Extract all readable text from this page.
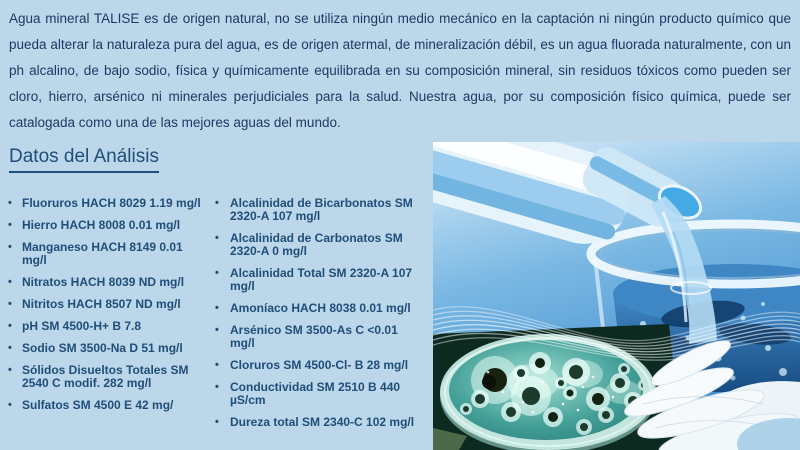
Agua mineral TALISE es de origen natural, no se utiliza ningún medio mecánico en la captación ni ningún producto químico que pueda alterar la naturaleza pura del agua, es de origen atermal, de mineralización débil, es un agua fluorada naturalmente, con un ph alcalino, de bajo sodio, física y químicamente equilibrada en su composición mineral, sin residuos tóxicos como pueden ser cloro, hierro, arsénico ni minerales perjudiciales para la salud. Nuestra agua, por su composición físico química, puede ser catalogada como una de las mejores aguas del mundo.

Datos del Análisis
• Fluoruros HACH 8029 1.19 mg/l
• Hierro HACH 8008 0.01 mg/l
• Manganeso HACH 8149 0.01 mg/l
• Nitratos HACH 8039 ND mg/l
• Nitritos HACH 8507 ND mg/l
• pH SM 4500-H+ B 7.8
• Sodio SM 3500-Na D 51 mg/l
• Sólidos Disueltos Totales SM 2540 C modif. 282 mg/l
• Sulfatos SM 4500 E 42 mg/
• Alcalinidad de Bicarbonatos SM 2320-A 107 mg/l
• Alcalinidad de Carbonatos SM 2320-A 0 mg/l
• Alcalinidad Total SM 2320-A 107 mg/l
• Amoníaco HACH 8038 0.01 mg/l
• Arsénico SM 3500-As C <0.01 mg/l
• Cloruros SM 4500-Cl- B 28 mg/l
• Conductividad SM 2510 B 440 µS/cm
• Dureza total SM 2340-C 102 mg/l
